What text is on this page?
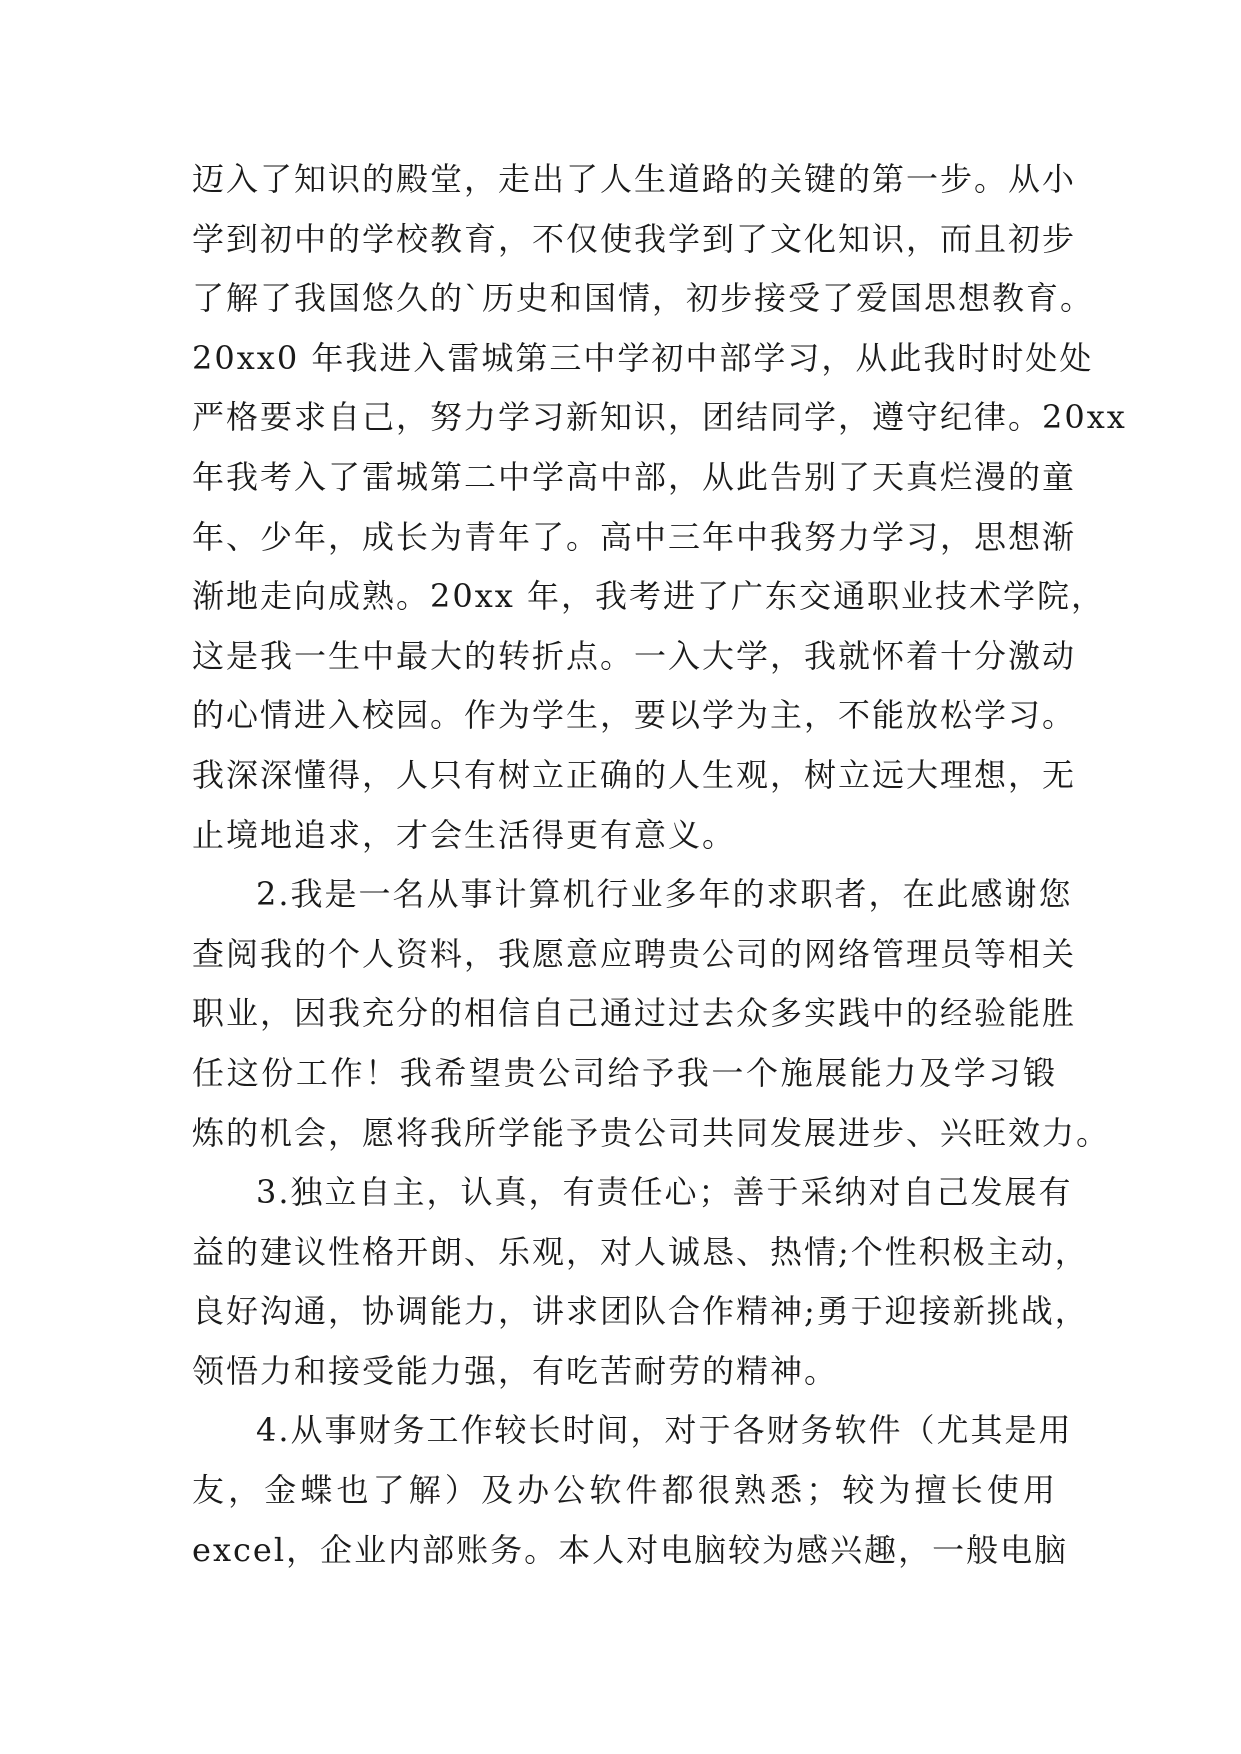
迈入了知识的殿堂，走出了人生道路的关键的第一步。从小
学到初中的学校教育，不仅使我学到了文化知识，而且初步
了解了我国悠久的`历史和国情，初步接受了爱国思想教育。
20xx0 年我进入雷城第三中学初中部学习，从此我时时处处
严格要求自己，努力学习新知识，团结同学，遵守纪律。20xx
年我考入了雷城第二中学高中部，从此告别了天真烂漫的童
年、少年，成长为青年了。高中三年中我努力学习，思想渐
渐地走向成熟。20xx 年，我考进了广东交通职业技术学院，
这是我一生中最大的转折点。一入大学，我就怀着十分激动
的心情进入校园。作为学生，要以学为主，不能放松学习。
我深深懂得，人只有树立正确的人生观，树立远大理想，无
止境地追求，才会生活得更有意义。
2.我是一名从事计算机行业多年的求职者，在此感谢您
查阅我的个人资料，我愿意应聘贵公司的网络管理员等相关
职业，因我充分的相信自己通过过去众多实践中的经验能胜
任这份工作！我希望贵公司给予我一个施展能力及学习锻
炼的机会，愿将我所学能予贵公司共同发展进步、兴旺效力。
3.独立自主，认真，有责任心；善于采纳对自己发展有
益的建议性格开朗、乐观，对人诚恳、热情;个性积极主动，
良好沟通，协调能力，讲求团队合作精神;勇于迎接新挑战，
领悟力和接受能力强，有吃苦耐劳的精神。
4.从事财务工作较长时间，对于各财务软件（尤其是用
友，金蝶也了解）及办公软件都很熟悉；较为擅长使用
excel，企业内部账务。本人对电脑较为感兴趣，一般电脑
